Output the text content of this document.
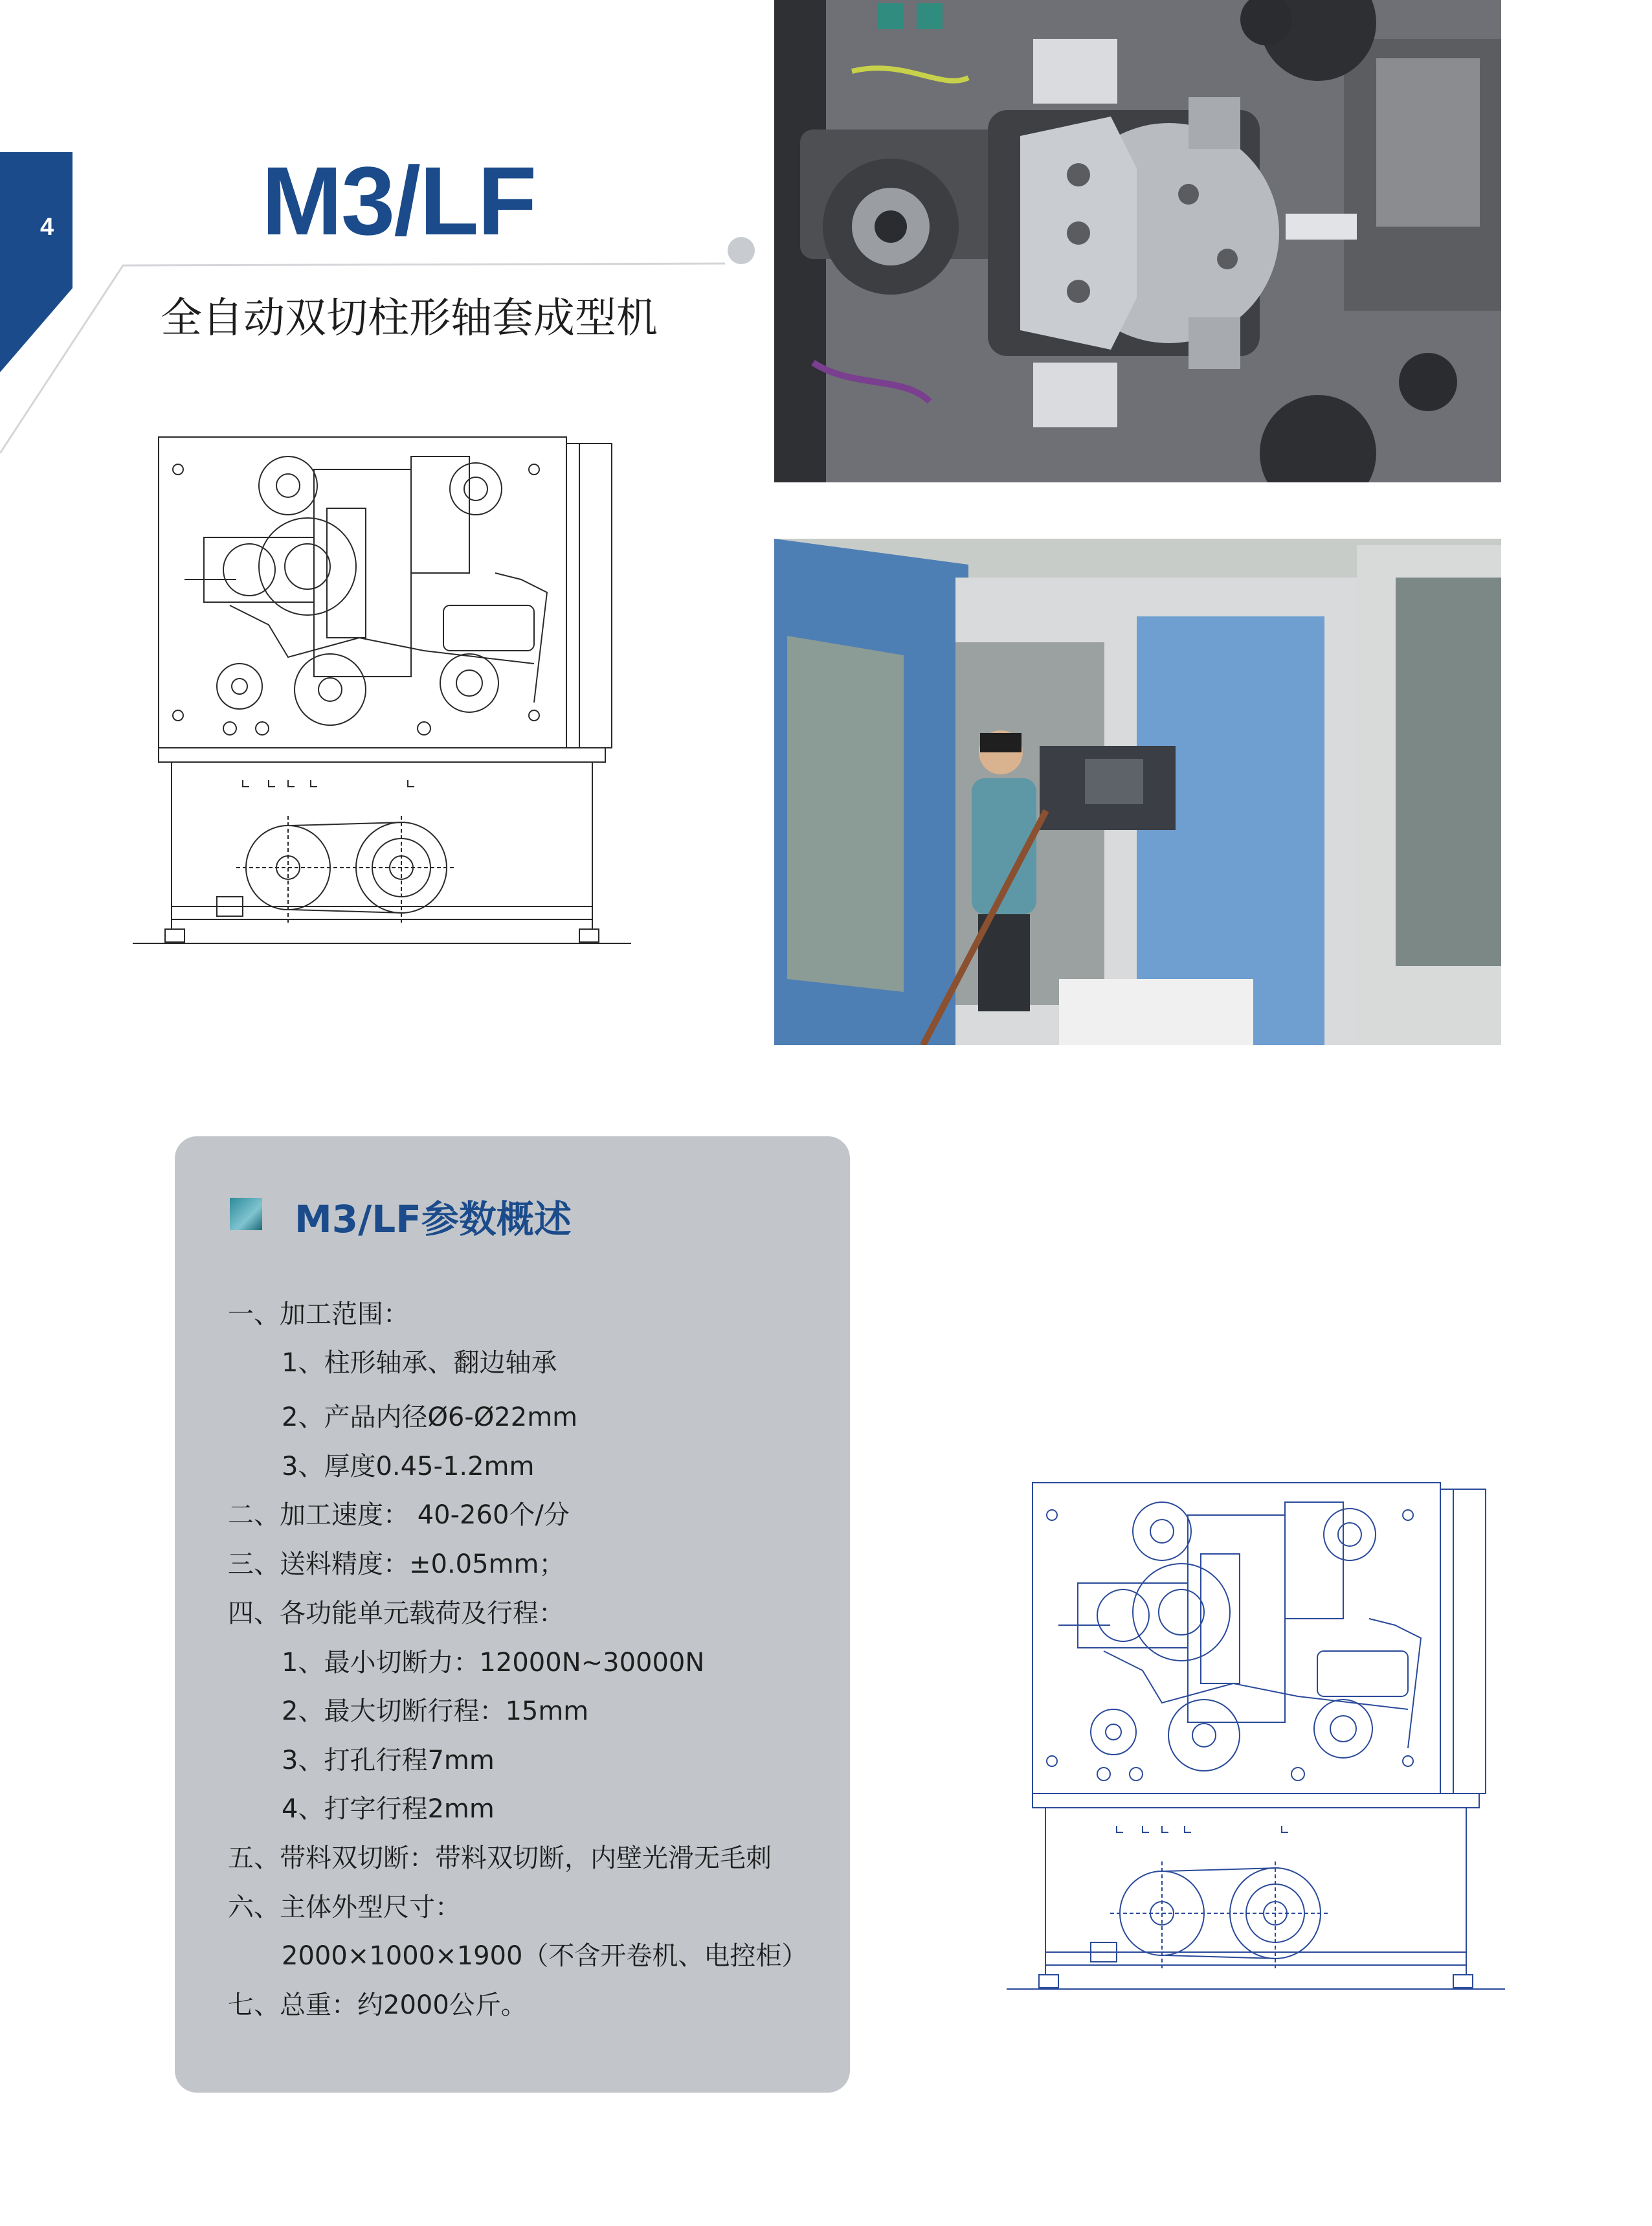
4 M3/LF
全自动双切柱形轴套成型机
M3/LF参数概述
一、加工范围：
1、柱形轴承、翻边轴承
2、产品内径Ø6-Ø22mm
3、厚度0.45-1.2mm
二、加工速度： 40-260个/分
三、送料精度：±0.05mm；
四、各功能单元载荷及行程：
1、最小切断力：12000N~30000N
2、最大切断行程：15mm
3、打孔行程7mm
4、打字行程2mm
五、带料双切断：带料双切断，内壁光滑无毛刺
六、主体外型尺寸：
2000×1000×1900（不含开卷机、电控柜）
七、总重：约2000公斤。
